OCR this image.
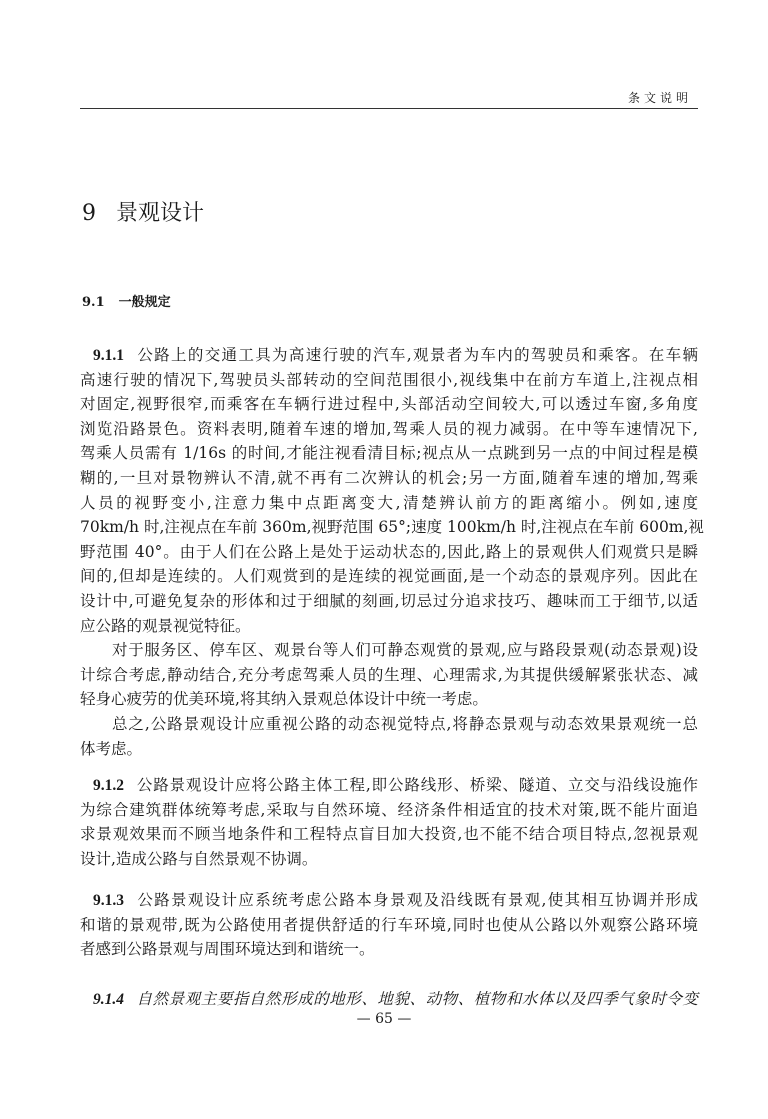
条文说明
9 景观设计
9.1 一般规定
9.1.1 公路上的交通工具为高速行驶的汽车,观景者为车内的驾驶员和乘客。在车辆
高速行驶的情况下,驾驶员头部转动的空间范围很小,视线集中在前方车道上,注视点相
对固定,视野很窄,而乘客在车辆行进过程中,头部活动空间较大,可以透过车窗,多角度
浏览沿路景色。资料表明,随着车速的增加,驾乘人员的视力减弱。在中等车速情况下,
驾乘人员需有 1/16s 的时间,才能注视看清目标;视点从一点跳到另一点的中间过程是模
糊的,一旦对景物辨认不清,就不再有二次辨认的机会;另一方面,随着车速的增加,驾乘
人员的视野变小,注意力集中点距离变大,清楚辨认前方的距离缩小。例如,速度
70km/h 时,注视点在车前 360m,视野范围 65°;速度 100km/h 时,注视点在车前 600m,视
野范围 40°。由于人们在公路上是处于运动状态的,因此,路上的景观供人们观赏只是瞬
间的,但却是连续的。人们观赏到的是连续的视觉画面,是一个动态的景观序列。因此在
设计中,可避免复杂的形体和过于细腻的刻画,切忌过分追求技巧、趣味而工于细节,以适
应公路的观景视觉特征。
对于服务区、停车区、观景台等人们可静态观赏的景观,应与路段景观(动态景观)设
计综合考虑,静动结合,充分考虑驾乘人员的生理、心理需求,为其提供缓解紧张状态、减
轻身心疲劳的优美环境,将其纳入景观总体设计中统一考虑。
总之,公路景观设计应重视公路的动态视觉特点,将静态景观与动态效果景观统一总
体考虑。
9.1.2 公路景观设计应将公路主体工程,即公路线形、桥梁、隧道、立交与沿线设施作
为综合建筑群体统筹考虑,采取与自然环境、经济条件相适宜的技术对策,既不能片面追
求景观效果而不顾当地条件和工程特点盲目加大投资,也不能不结合项目特点,忽视景观
设计,造成公路与自然景观不协调。
9.1.3 公路景观设计应系统考虑公路本身景观及沿线既有景观,使其相互协调并形成
和谐的景观带,既为公路使用者提供舒适的行车环境,同时也使从公路以外观察公路环境
者感到公路景观与周围环境达到和谐统一。
9.1.4 自然景观主要指自然形成的地形、地貌、动物、植物和水体以及四季气象时令变
— 65 —
